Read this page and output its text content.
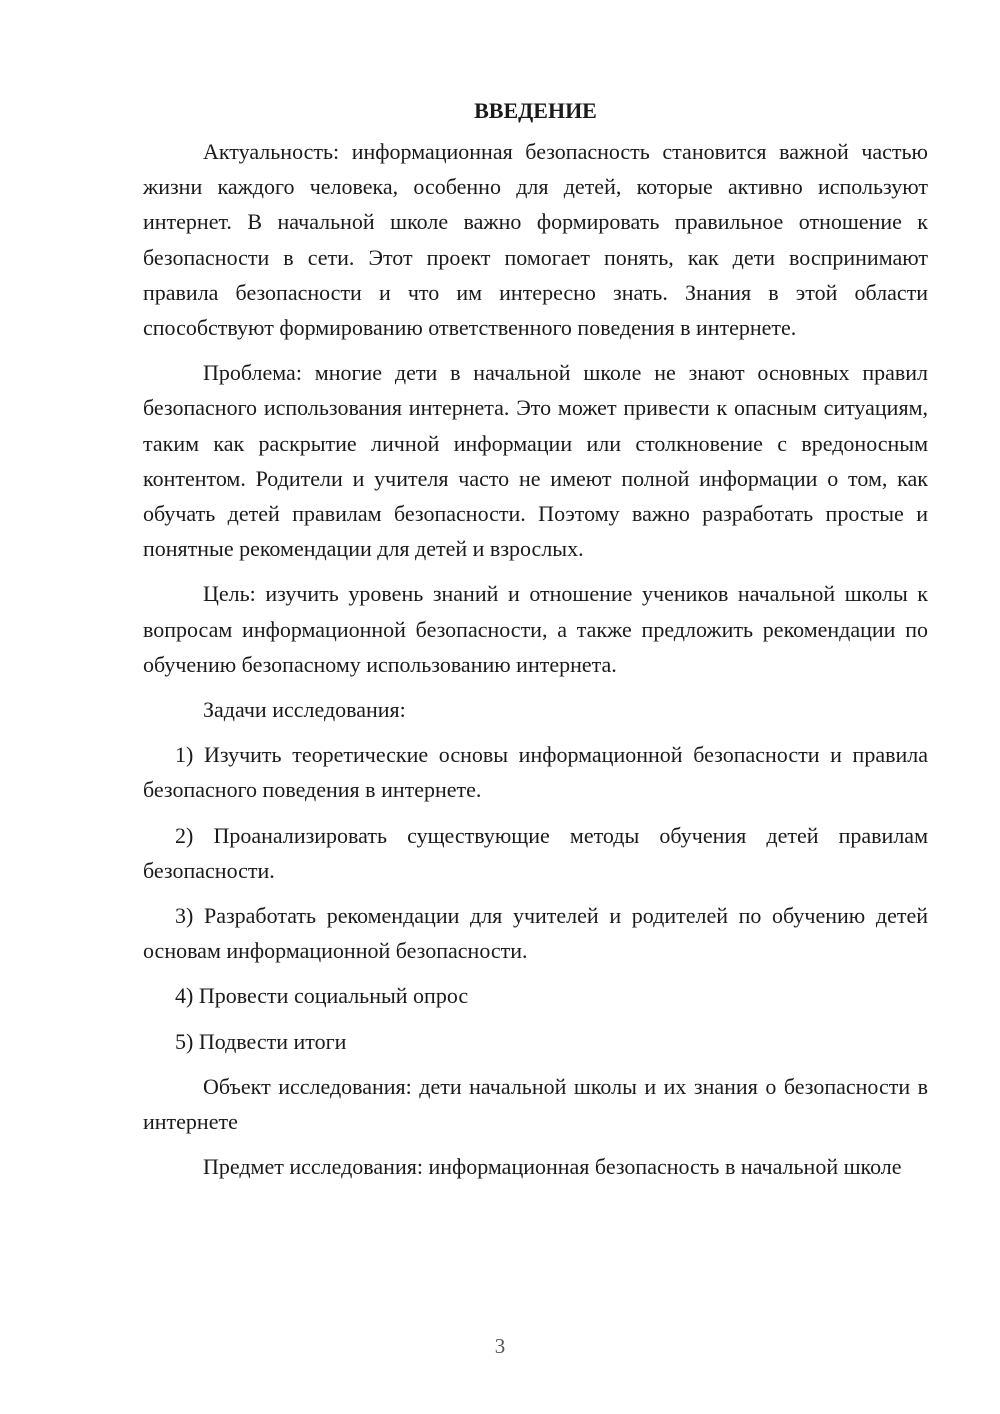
ВВЕДЕНИЕ

Актуальность: информационная безопасность становится важной частью жизни каждого человека, особенно для детей, которые активно используют интернет. В начальной школе важно формировать правильное отношение к безопасности в сети. Этот проект помогает понять, как дети воспринимают правила безопасности и что им интересно знать. Знания в этой области способствуют формированию ответственного поведения в интернете.

Проблема: многие дети в начальной школе не знают основных правил безопасного использования интернета. Это может привести к опасным ситуациям, таким как раскрытие личной информации или столкновение с вредоносным контентом. Родители и учителя часто не имеют полной информации о том, как обучать детей правилам безопасности. Поэтому важно разработать простые и понятные рекомендации для детей и взрослых.

Цель: изучить уровень знаний и отношение учеников начальной школы к вопросам информационной безопасности, а также предложить рекомендации по обучению безопасному использованию интернета.

Задачи исследования:

1) Изучить теоретические основы информационной безопасности и правила безопасного поведения в интернете.

2) Проанализировать существующие методы обучения детей правилам безопасности.

3) Разработать рекомендации для учителей и родителей по обучению детей основам информационной безопасности.

4) Провести социальный опрос

5) Подвести итоги

Объект исследования: дети начальной школы и их знания о безопасности в интернете

Предмет исследования: информационная безопасность в начальной школе

3
